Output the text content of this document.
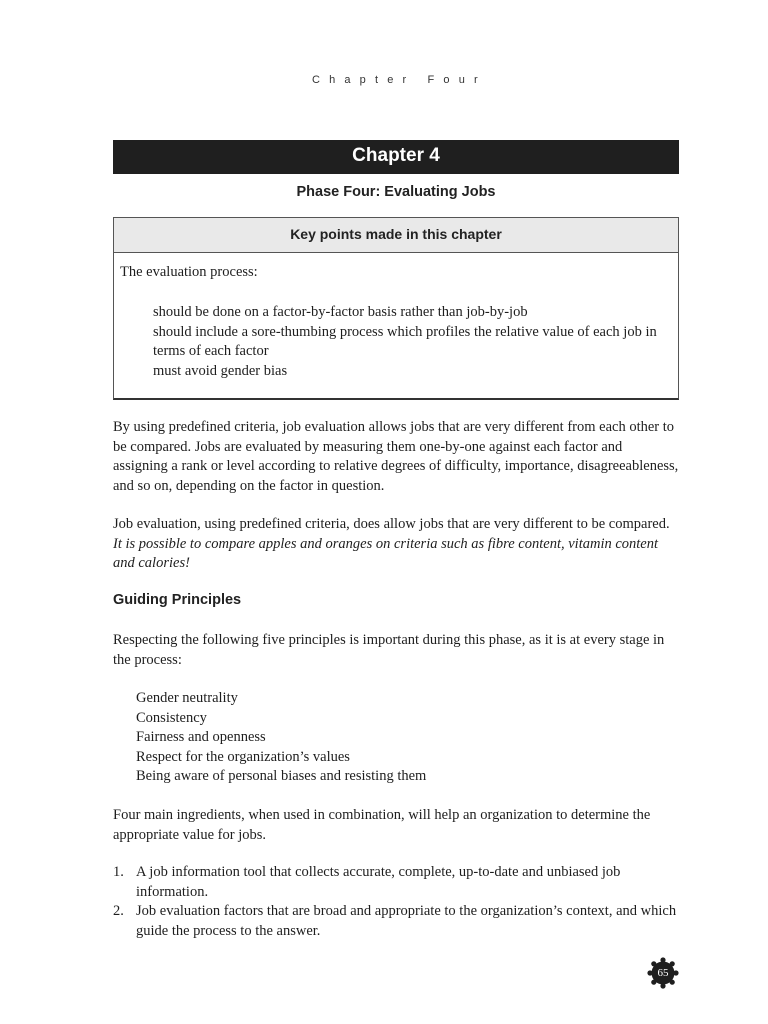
C   h   a   p   t   e   r       F   o   u   r
Chapter 4
Phase Four: Evaluating Jobs
Key points made in this chapter
The evaluation process:
should be done on a factor-by-factor basis rather than job-by-job
should include a sore-thumbing process which profiles the relative value of each job in terms of each factor
must avoid gender bias

By using predefined criteria, job evaluation allows jobs that are very different from each other to be compared. Jobs are evaluated by measuring them one-by-one against each factor and assigning a rank or level according to relative degrees of difficulty, importance, disagreeableness, and so on, depending on the factor in question.

Job evaluation, using predefined criteria, does allow jobs that are very different to be compared. It is possible to compare apples and oranges on criteria such as fibre content, vitamin content and calories!

Guiding Principles

Respecting the following five principles is important during this phase, as it is at every stage in the process:

Gender neutrality
Consistency
Fairness and openness
Respect for the organization’s values
Being aware of personal biases and resisting them

Four main ingredients, when used in combination, will help an organization to determine the appropriate value for jobs.

1. A job information tool that collects accurate, complete, up-to-date and unbiased job information.
2. Job evaluation factors that are broad and appropriate to the organization’s context, and which guide the process to the answer.
65
